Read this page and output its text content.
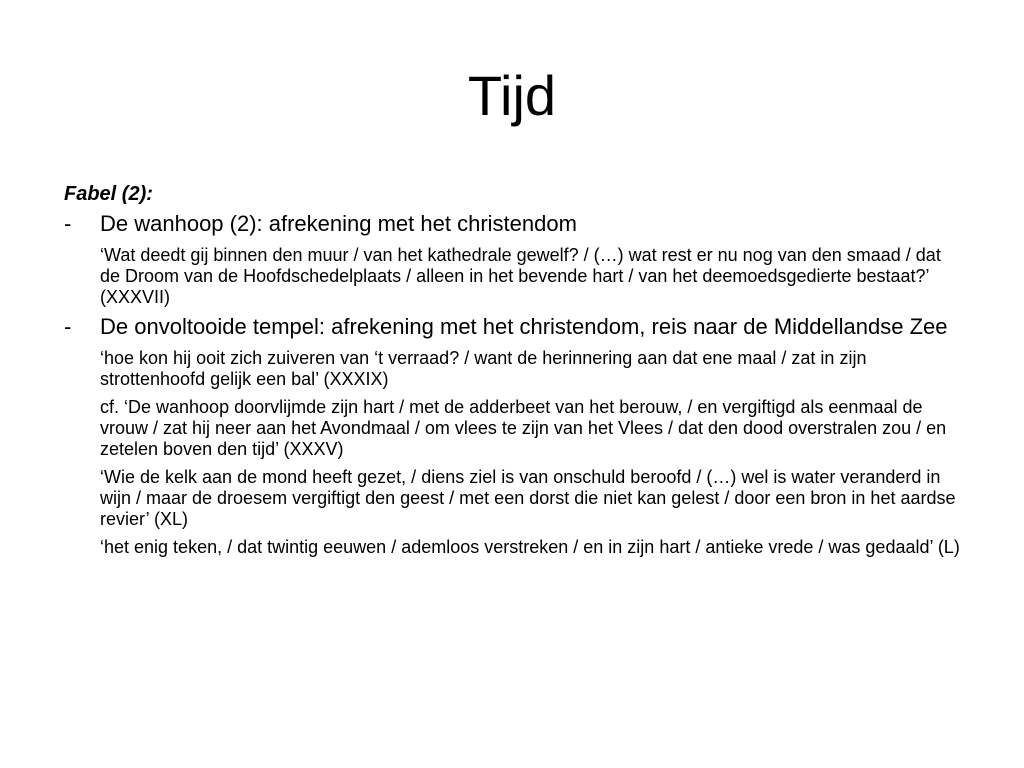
Tijd
Fabel (2):
-	De wanhoop (2): afrekening met het christendom
‘Wat deedt gij binnen den muur / van het kathedrale gewelf? / (…) wat rest er nu nog van den smaad / dat de Droom van de Hoofdschedelplaats / alleen in het bevende hart / van het deemoedsgedierte bestaat?’ (XXXVII)
-	De onvoltooide tempel: afrekening met het christendom, reis naar de Middellandse Zee
‘hoe kon hij ooit zich zuiveren van ‘t verraad? / want de herinnering aan dat ene maal / zat in zijn strottenhoofd gelijk een bal’ (XXXIX)
cf. ‘De wanhoop doorvlijmde zijn hart / met de adderbeet van het berouw, / en vergiftigd als eenmaal de vrouw / zat hij neer aan het Avondmaal / om vlees te zijn van het Vlees / dat den dood overstralen zou / en zetelen boven den tijd’ (XXXV)
‘Wie de kelk aan de mond heeft gezet, / diens ziel is van onschuld beroofd / (…) wel is water veranderd in wijn / maar de droesem vergiftigt den geest / met een dorst die niet kan gelest / door een bron in het aardse revier’ (XL)
‘het enig teken, / dat twintig eeuwen / ademloos verstreken / en in zijn hart / antieke vrede / was gedaald’ (L)
